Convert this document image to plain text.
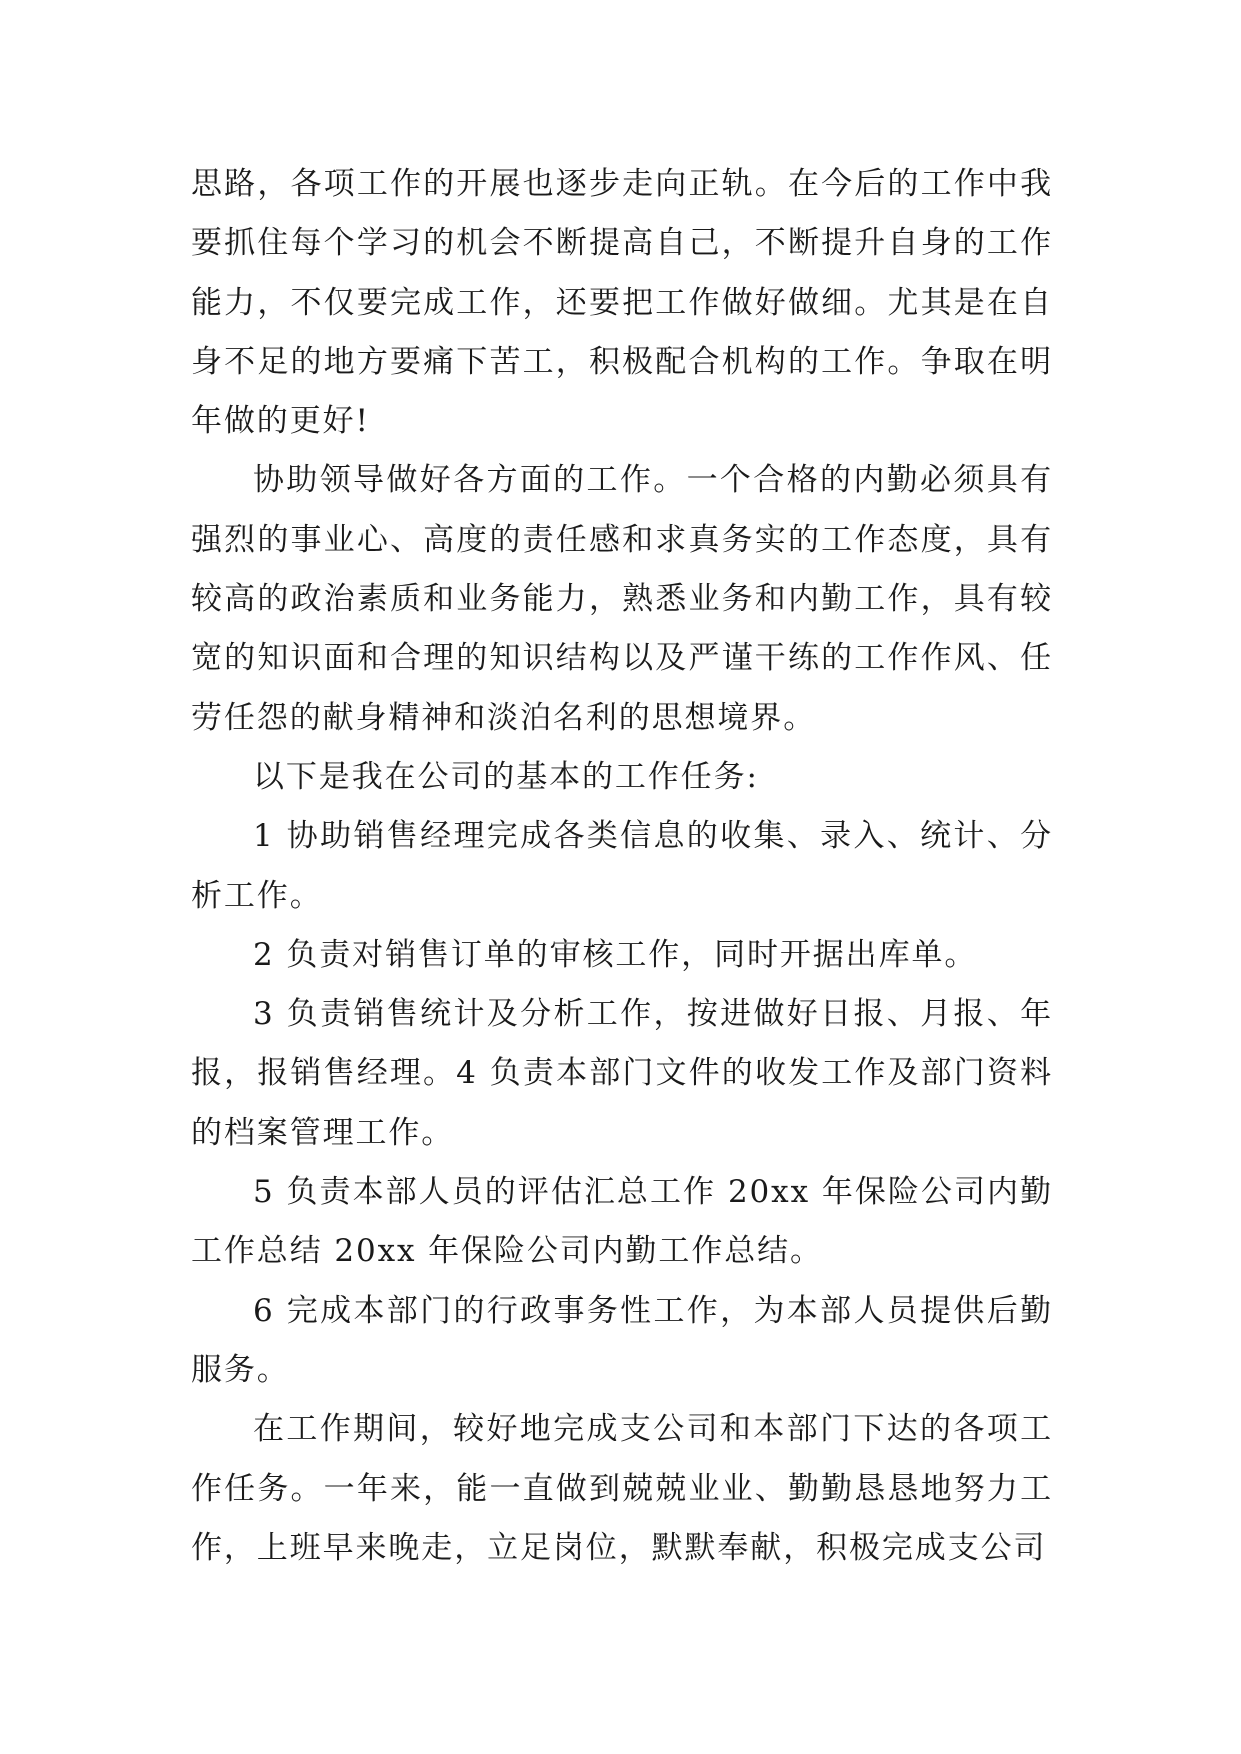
思路，各项工作的开展也逐步走向正轨。在今后的工作中我要抓住每个学习的机会不断提高自己，不断提升自身的工作能力，不仅要完成工作，还要把工作做好做细。尤其是在自身不足的地方要痛下苦工，积极配合机构的工作。争取在明年做的更好!

协助领导做好各方面的工作。一个合格的内勤必须具有强烈的事业心、高度的责任感和求真务实的工作态度，具有较高的政治素质和业务能力，熟悉业务和内勤工作，具有较宽的知识面和合理的知识结构以及严谨干练的工作作风、任劳任怨的献身精神和淡泊名利的思想境界。

以下是我在公司的基本的工作任务:

1 协助销售经理完成各类信息的收集、录入、统计、分析工作。

2 负责对销售订单的审核工作，同时开据出库单。

3 负责销售统计及分析工作，按进做好日报、月报、年报，报销售经理。4 负责本部门文件的收发工作及部门资料的档案管理工作。

5 负责本部人员的评估汇总工作 20xx 年保险公司内勤工作总结 20xx 年保险公司内勤工作总结。

6 完成本部门的行政事务性工作，为本部人员提供后勤服务。

在工作期间，较好地完成支公司和本部门下达的各项工作任务。一年来，能一直做到兢兢业业、勤勤恳恳地努力工作，上班早来晚走，立足岗位，默默奉献，积极完成支公司
